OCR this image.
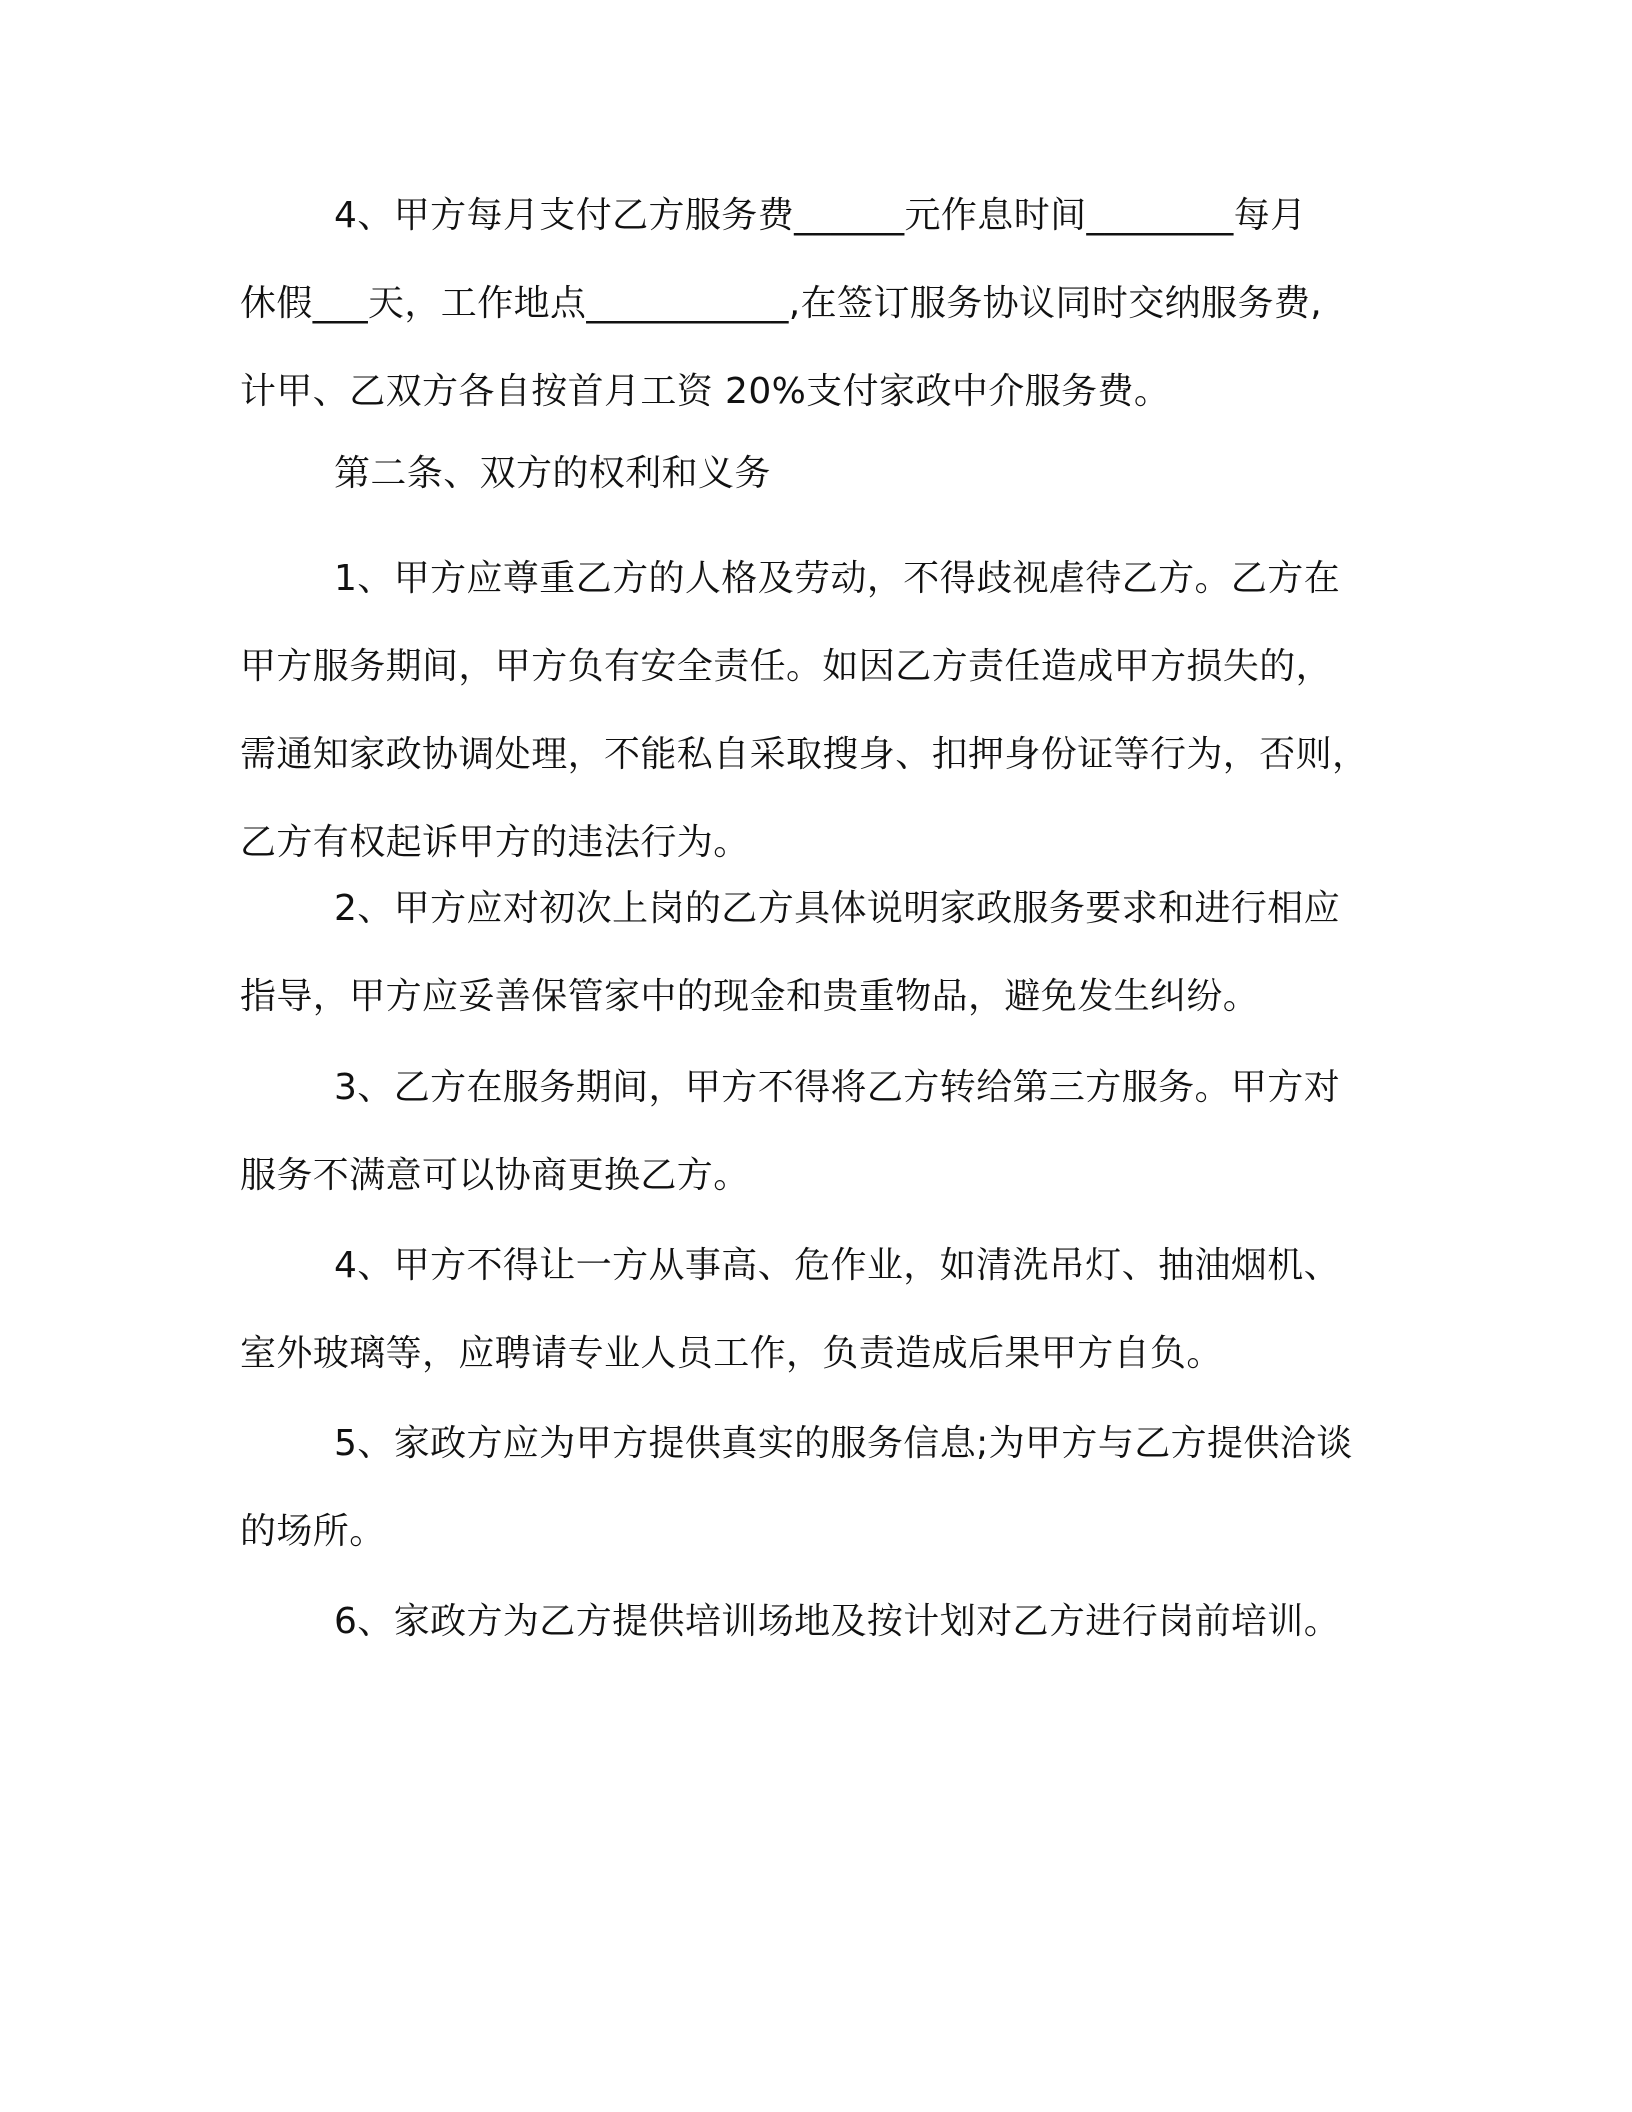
4、甲方每月支付乙方服务费______元作息时间________每月
休假___天，工作地点___________,在签订服务协议同时交纳服务费,
计甲、乙双方各自按首月工资 20%支付家政中介服务费。
第二条、双方的权利和义务
1、甲方应尊重乙方的人格及劳动，不得歧视虐待乙方。乙方在
甲方服务期间，甲方负有安全责任。如因乙方责任造成甲方损失的，
需通知家政协调处理，不能私自采取搜身、扣押身份证等行为，否则，
乙方有权起诉甲方的违法行为。
2、甲方应对初次上岗的乙方具体说明家政服务要求和进行相应
指导，甲方应妥善保管家中的现金和贵重物品，避免发生纠纷。
3、乙方在服务期间，甲方不得将乙方转给第三方服务。甲方对
服务不满意可以协商更换乙方。
4、甲方不得让一方从事高、危作业，如清洗吊灯、抽油烟机、
室外玻璃等，应聘请专业人员工作，负责造成后果甲方自负。
5、家政方应为甲方提供真实的服务信息;为甲方与乙方提供洽谈
的场所。
6、家政方为乙方提供培训场地及按计划对乙方进行岗前培训。
